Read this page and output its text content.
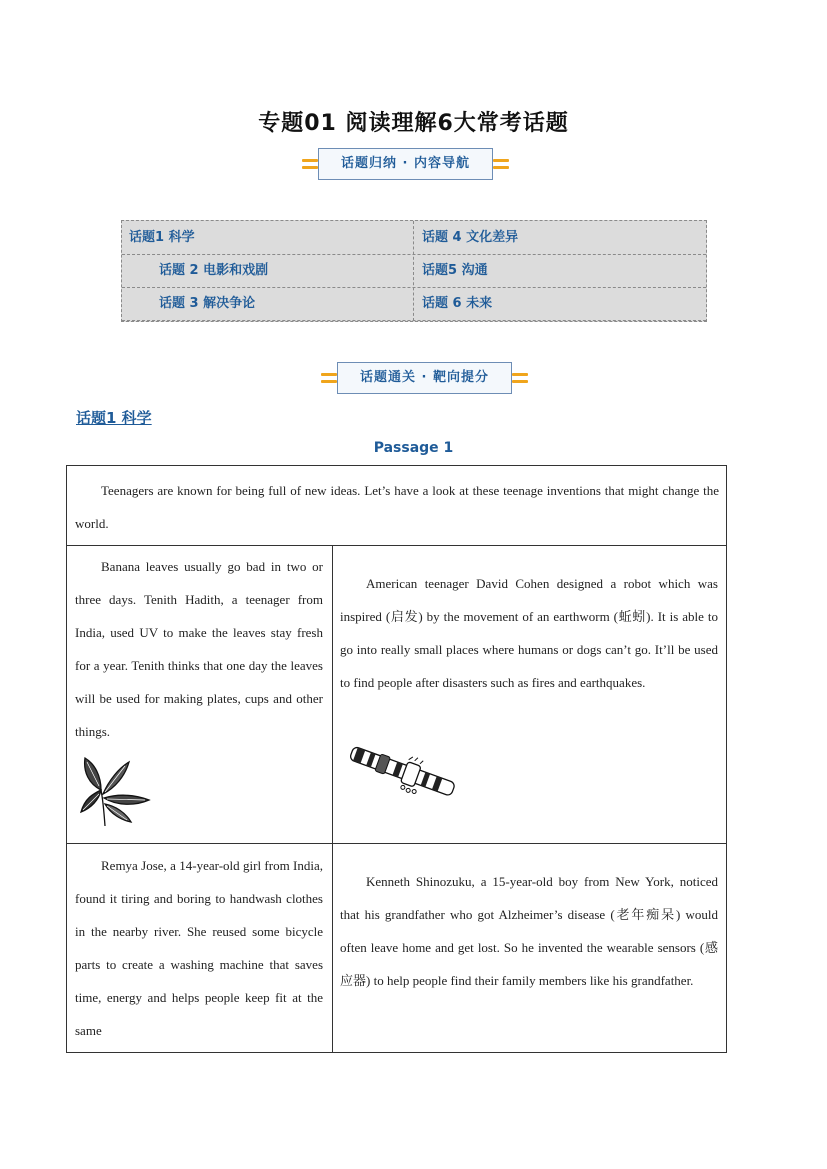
专题01 阅读理解6大常考话题
话题归纳 · 内容导航
话题1 科学	话题 4 文化差异
话题 2 电影和戏剧	话题5 沟通
话题 3 解决争论	话题 6 未来
话题通关 · 靶向提分
话题1 科学
Passage 1
Teenagers are known for being full of new ideas. Let’s have a look at these teenage inventions that might change the world.
Banana leaves usually go bad in two or three days. Tenith Hadith, a teenager from India, used UV to make the leaves stay fresh for a year. Tenith thinks that one day the leaves will be used for making plates, cups and other things.
American teenager David Cohen designed a robot which was inspired (启发) by the movement of an earthworm (蚯蚓). It is able to go into really small places where humans or dogs can’t go. It’ll be used to find people after disasters such as fires and earthquakes.
Remya Jose, a 14-year-old girl from India, found it tiring and boring to handwash clothes in the nearby river. She reused some bicycle parts to create a washing machine that saves time, energy and helps people keep fit at the same
Kenneth Shinozuku, a 15-year-old boy from New York, noticed that his grandfather who got Alzheimer’s disease (老年痴呆) would often leave home and get lost. So he invented the wearable sensors (感应器) to help people find their family members like his grandfather.
